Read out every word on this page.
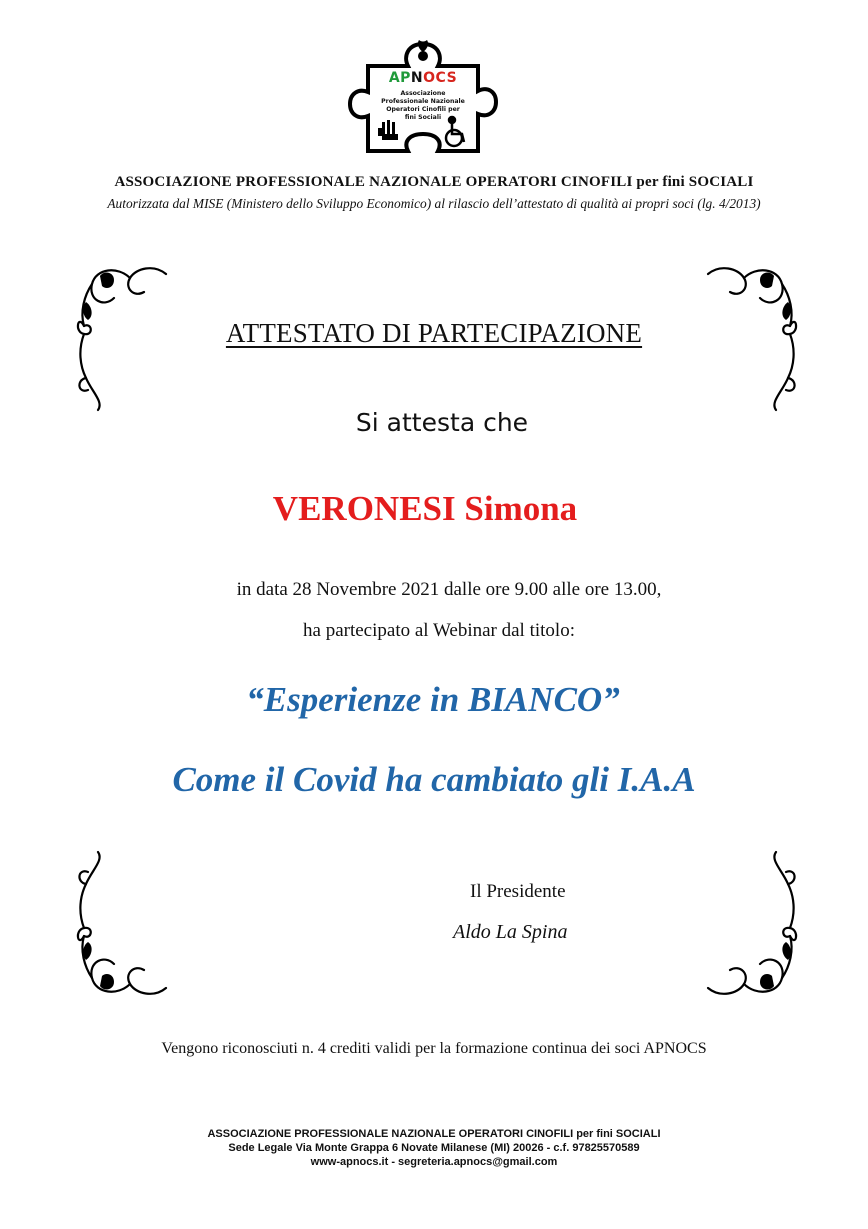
APNOCS
Associazione
Professionale Nazionale
Operatori Cinofili per
fini Sociali
ASSOCIAZIONE PROFESSIONALE NAZIONALE OPERATORI CINOFILI per fini SOCIALI
Autorizzata dal MISE (Ministero dello Sviluppo Economico) al rilascio dell’attestato di qualità ai propri soci (lg. 4/2013)
ATTESTATO DI PARTECIPAZIONE
Si attesta che
VERONESI Simona
in data 28 Novembre 2021 dalle ore 9.00 alle ore 13.00,
ha partecipato al Webinar dal titolo:
“Esperienze in BIANCO”
Come il Covid ha cambiato gli I.A.A
Il Presidente
Aldo La Spina
Vengono riconosciuti n. 4 crediti validi per la formazione continua dei soci APNOCS
ASSOCIAZIONE PROFESSIONALE NAZIONALE OPERATORI CINOFILI per fini SOCIALI
Sede Legale Via Monte Grappa 6 Novate Milanese (MI) 20026 - c.f. 97825570589
www-apnocs.it - segreteria.apnocs@gmail.com
